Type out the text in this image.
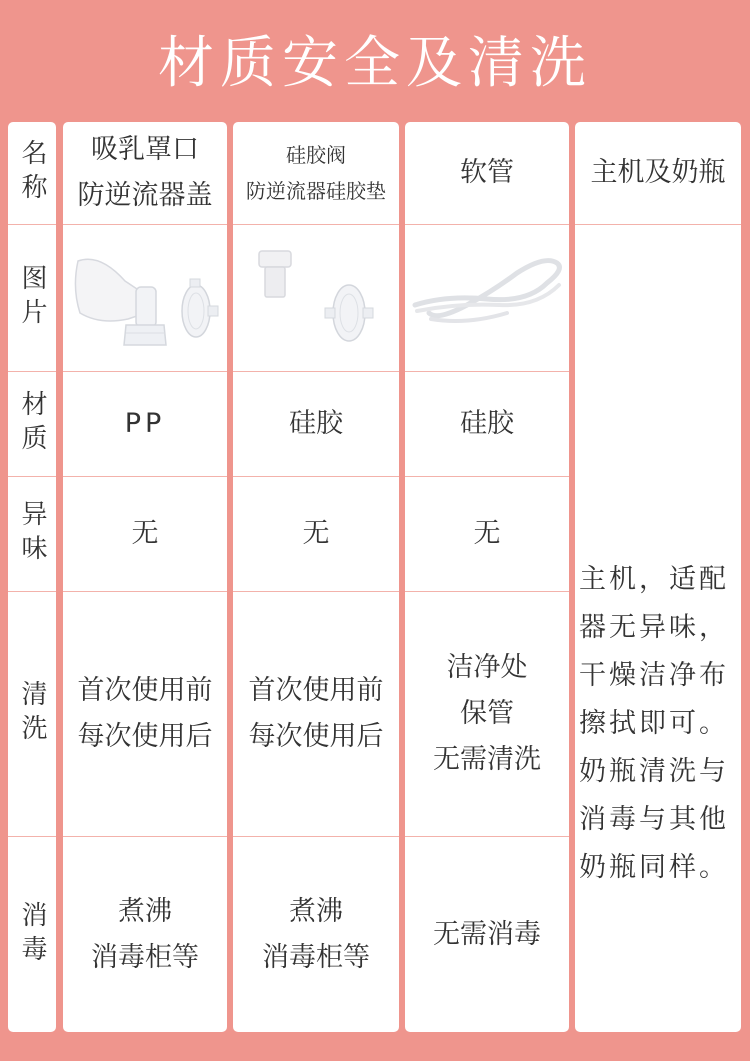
材质安全及清洗
名称
图片
材质
异味
清洗
消毒
吸乳罩口
防逆流器盖
PP
无
首次使用前
每次使用后
煮沸
消毒柜等
硅胶阀
防逆流器硅胶垫
硅胶
无
首次使用前
每次使用后
煮沸
消毒柜等
软管
硅胶
无
洁净处
保管
无需清洗
无需消毒
主机及奶瓶
主机，适配
器无异味，
干燥洁净布
擦拭即可。
奶瓶清洗与
消毒与其他
奶瓶同样。
